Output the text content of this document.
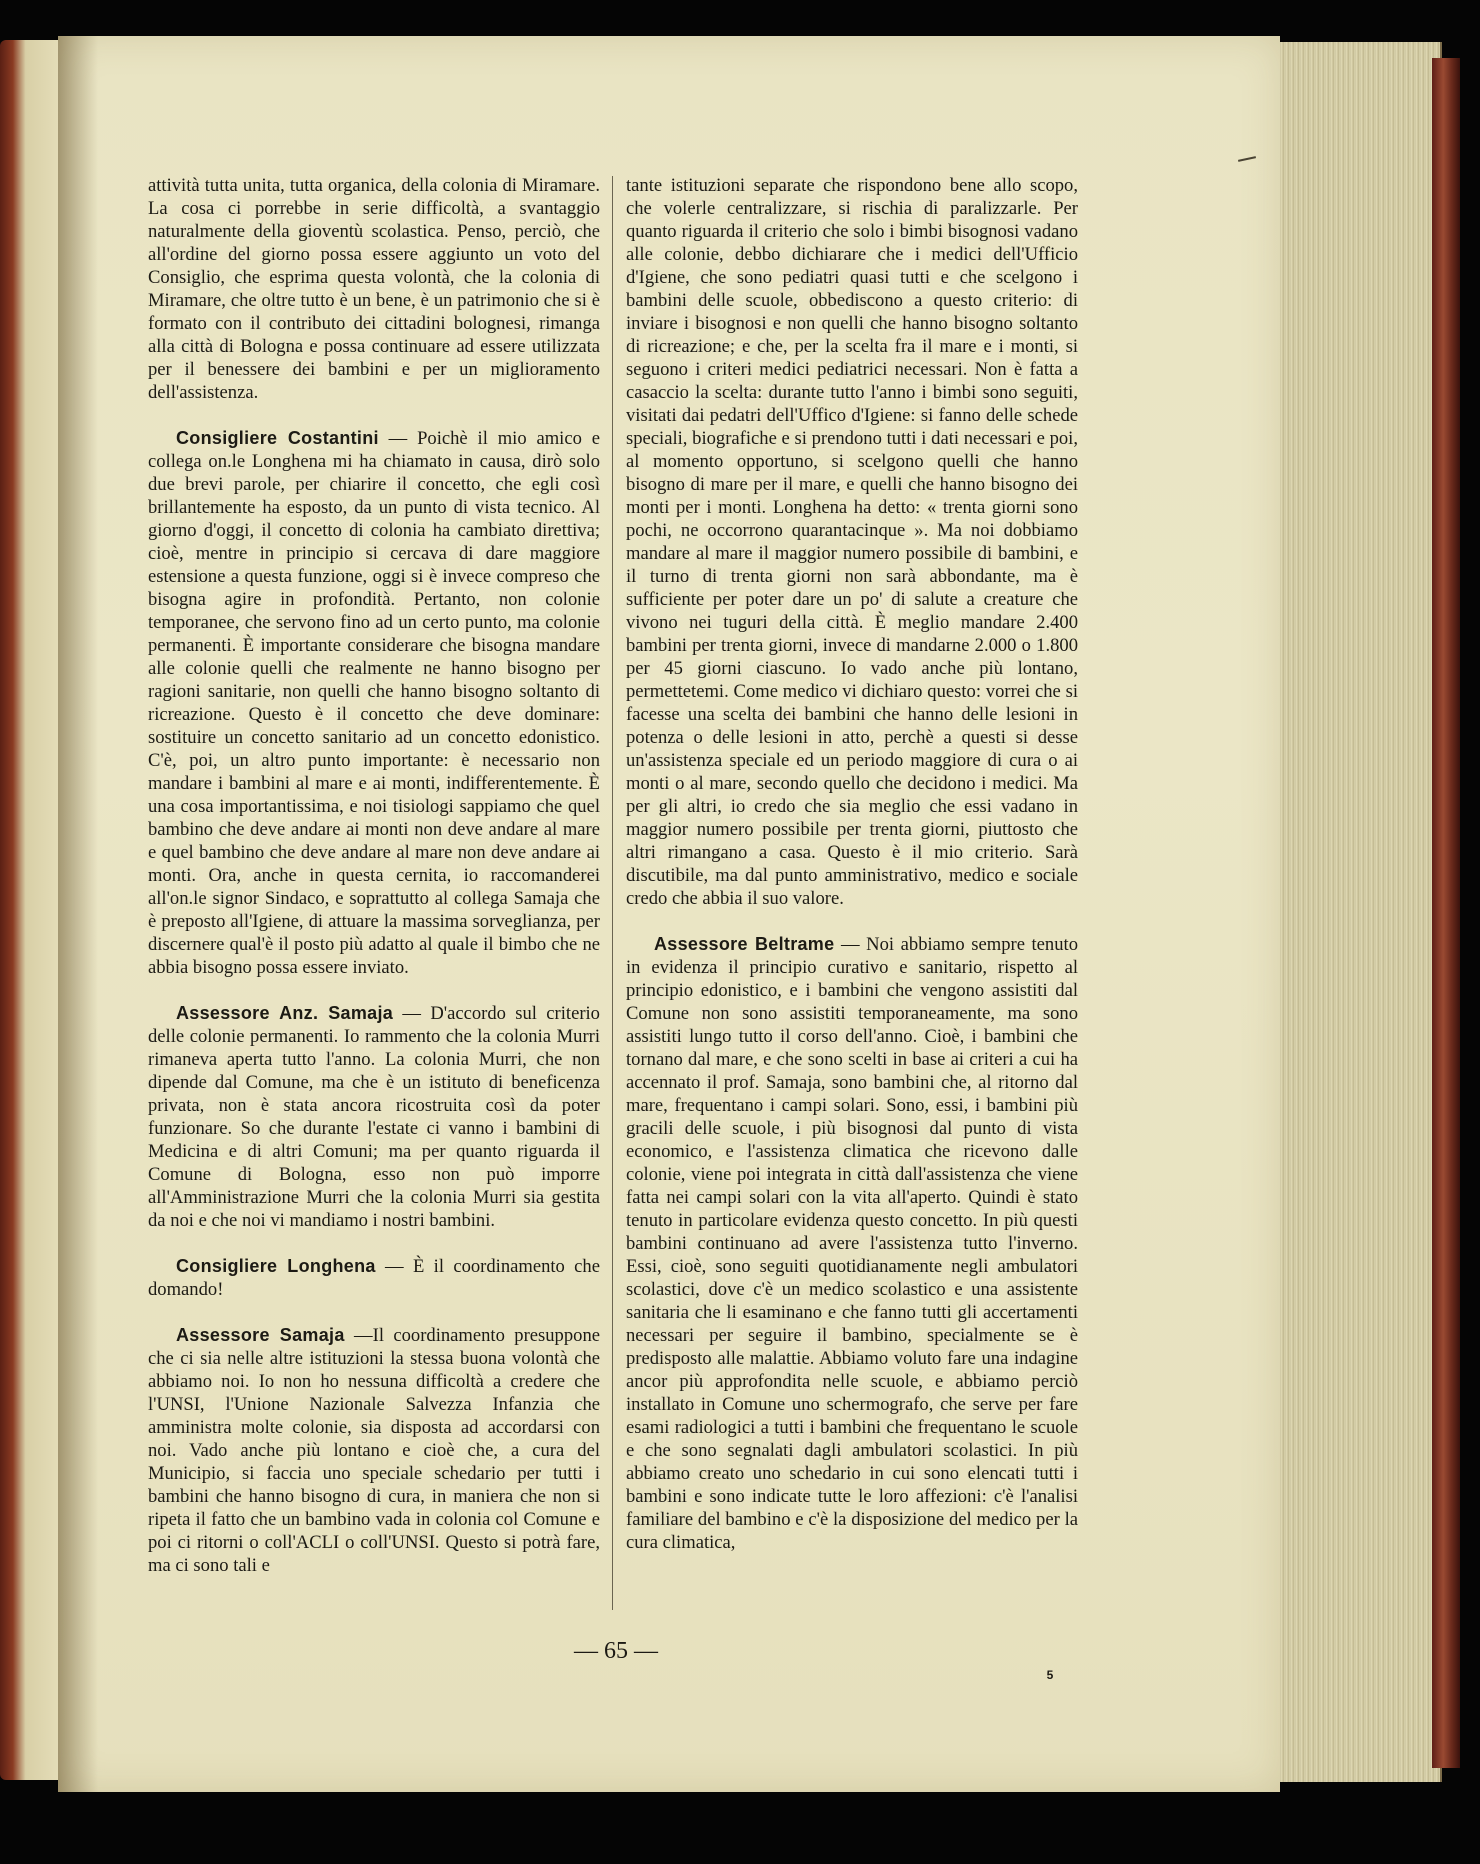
attività tutta unita, tutta organica, della colonia di Miramare. La cosa ci porrebbe in serie difficoltà, a svantaggio naturalmente della gioventù scolastica. Penso, perciò, che all'ordine del giorno possa essere aggiunto un voto del Consiglio, che esprima questa volontà, che la colonia di Miramare, che oltre tutto è un bene, è un patrimonio che si è formato con il contributo dei cittadini bolognesi, rimanga alla città di Bologna e possa continuare ad essere utilizzata per il benessere dei bambini e per un miglioramento dell'assistenza.

Consigliere Costantini — Poichè il mio amico e collega on.le Longhena mi ha chiamato in causa, dirò solo due brevi parole, per chiarire il concetto, che egli così brillantemente ha esposto, da un punto di vista tecnico. Al giorno d'oggi, il concetto di colonia ha cambiato direttiva; cioè, mentre in principio si cercava di dare maggiore estensione a questa funzione, oggi si è invece compreso che bisogna agire in profondità. Pertanto, non colonie temporanee, che servono fino ad un certo punto, ma colonie permanenti. È importante considerare che bisogna mandare alle colonie quelli che realmente ne hanno bisogno per ragioni sanitarie, non quelli che hanno bisogno soltanto di ricreazione. Questo è il concetto che deve dominare: sostituire un concetto sanitario ad un concetto edonistico. C'è, poi, un altro punto importante: è necessario non mandare i bambini al mare e ai monti, indifferentemente. È una cosa importantissima, e noi tisiologi sappiamo che quel bambino che deve andare ai monti non deve andare al mare e quel bambino che deve andare al mare non deve andare ai monti. Ora, anche in questa cernita, io raccomanderei all'on.le signor Sindaco, e soprattutto al collega Samaja che è preposto all'Igiene, di attuare la massima sorveglianza, per discernere qual'è il posto più adatto al quale il bimbo che ne abbia bisogno possa essere inviato.

Assessore Anz. Samaja — D'accordo sul criterio delle colonie permanenti. Io rammento che la colonia Murri rimaneva aperta tutto l'anno. La colonia Murri, che non dipende dal Comune, ma che è un istituto di beneficenza privata, non è stata ancora ricostruita così da poter funzionare. So che durante l'estate ci vanno i bambini di Medicina e di altri Comuni; ma per quanto riguarda il Comune di Bologna, esso non può imporre all'Amministrazione Murri che la colonia Murri sia gestita da noi e che noi vi mandiamo i nostri bambini.

Consigliere Longhena — È il coordinamento che domando!

Assessore Samaja —Il coordinamento presuppone che ci sia nelle altre istituzioni la stessa buona volontà che abbiamo noi. Io non ho nessuna difficoltà a credere che l'UNSI, l'Unione Nazionale Salvezza Infanzia che amministra molte colonie, sia disposta ad accordarsi con noi. Vado anche più lontano e cioè che, a cura del Municipio, si faccia uno speciale schedario per tutti i bambini che hanno bisogno di cura, in maniera che non si ripeta il fatto che un bambino vada in colonia col Comune e poi ci ritorni o coll'ACLI o coll'UNSI. Questo si potrà fare, ma ci sono tali e

tante istituzioni separate che rispondono bene allo scopo, che volerle centralizzare, si rischia di paralizzarle. Per quanto riguarda il criterio che solo i bimbi bisognosi vadano alle colonie, debbo dichiarare che i medici dell'Ufficio d'Igiene, che sono pediatri quasi tutti e che scelgono i bambini delle scuole, obbediscono a questo criterio: di inviare i bisognosi e non quelli che hanno bisogno soltanto di ricreazione; e che, per la scelta fra il mare e i monti, si seguono i criteri medici pediatrici necessari. Non è fatta a casaccio la scelta: durante tutto l'anno i bimbi sono seguiti, visitati dai pedatri dell'Uffico d'Igiene: si fanno delle schede speciali, biografiche e si prendono tutti i dati necessari e poi, al momento opportuno, si scelgono quelli che hanno bisogno di mare per il mare, e quelli che hanno bisogno dei monti per i monti. Longhena ha detto: « trenta giorni sono pochi, ne occorrono quarantacinque ». Ma noi dobbiamo mandare al mare il maggior numero possibile di bambini, e il turno di trenta giorni non sarà abbondante, ma è sufficiente per poter dare un po' di salute a creature che vivono nei tuguri della città. È meglio mandare 2.400 bambini per trenta giorni, invece di mandarne 2.000 o 1.800 per 45 giorni ciascuno. Io vado anche più lontano, permettetemi. Come medico vi dichiaro questo: vorrei che si facesse una scelta dei bambini che hanno delle lesioni in potenza o delle lesioni in atto, perchè a questi si desse un'assistenza speciale ed un periodo maggiore di cura o ai monti o al mare, secondo quello che decidono i medici. Ma per gli altri, io credo che sia meglio che essi vadano in maggior numero possibile per trenta giorni, piuttosto che altri rimangano a casa. Questo è il mio criterio. Sarà discutibile, ma dal punto amministrativo, medico e sociale credo che abbia il suo valore.

Assessore Beltrame — Noi abbiamo sempre tenuto in evidenza il principio curativo e sanitario, rispetto al principio edonistico, e i bambini che vengono assistiti dal Comune non sono assistiti temporaneamente, ma sono assistiti lungo tutto il corso dell'anno. Cioè, i bambini che tornano dal mare, e che sono scelti in base ai criteri a cui ha accennato il prof. Samaja, sono bambini che, al ritorno dal mare, frequentano i campi solari. Sono, essi, i bambini più gracili delle scuole, i più bisognosi dal punto di vista economico, e l'assistenza climatica che ricevono dalle colonie, viene poi integrata in città dall'assistenza che viene fatta nei campi solari con la vita all'aperto. Quindi è stato tenuto in particolare evidenza questo concetto. In più questi bambini continuano ad avere l'assistenza tutto l'inverno. Essi, cioè, sono seguiti quotidianamente negli ambulatori scolastici, dove c'è un medico scolastico e una assistente sanitaria che li esaminano e che fanno tutti gli accertamenti necessari per seguire il bambino, specialmente se è predisposto alle malattie. Abbiamo voluto fare una indagine ancor più approfondita nelle scuole, e abbiamo perciò installato in Comune uno schermografo, che serve per fare esami radiologici a tutti i bambini che frequentano le scuole e che sono segnalati dagli ambulatori scolastici. In più abbiamo creato uno schedario in cui sono elencati tutti i bambini e sono indicate tutte le loro affezioni: c'è l'analisi familiare del bambino e c'è la disposizione del medico per la cura climatica,

— 65 —
5
